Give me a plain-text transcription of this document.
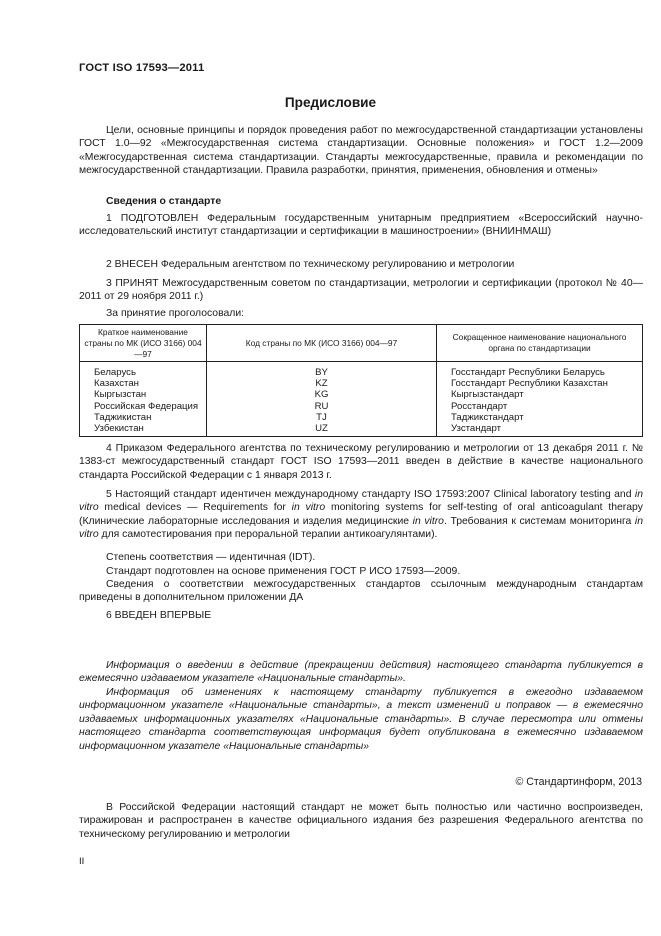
ГОСТ ISO 17593—2011
Предисловие
Цели, основные принципы и порядок проведения работ по межгосударственной стандартизации установлены ГОСТ 1.0—92 «Межгосударственная система стандартизации. Основные положения» и ГОСТ 1.2—2009 «Межгосударственная система стандартизации. Стандарты межгосударственные, правила и рекомендации по межгосударственной стандартизации. Правила разработки, принятия, применения, обновления и отмены»
Сведения о стандарте
1 ПОДГОТОВЛЕН Федеральным государственным унитарным предприятием «Всероссийский научно-исследовательский институт стандартизации и сертификации в машиностроении» (ВНИИНМАШ)
2 ВНЕСЕН Федеральным агентством по техническому регулированию и метрологии
3 ПРИНЯТ Межгосударственным советом по стандартизации, метрологии и сертификации (протокол № 40—2011 от 29 ноября 2011 г.)
За принятие проголосовали:
Краткое наименование страны по МК (ИСО 3166) 004—97	Код страны по МК (ИСО 3166) 004—97	Сокращенное наименование национального органа по стандартизации
Беларусь	BY	Госстандарт Республики Беларусь
Казахстан	KZ	Госстандарт Республики Казахстан
Кыргызстан	KG	Кыргызстандарт
Российская Федерация	RU	Росстандарт
Таджикистан	TJ	Таджикстандарт
Узбекистан	UZ	Узстандарт
4 Приказом Федерального агентства по техническому регулированию и метрологии от 13 декабря 2011 г. № 1383-ст межгосударственный стандарт ГОСТ ISO 17593—2011 введен в действие в качестве национального стандарта Российской Федерации с 1 января 2013 г.
5 Настоящий стандарт идентичен международному стандарту ISO 17593:2007 Clinical laboratory testing and in vitro medical devices — Requirements for in vitro monitoring systems for self-testing of oral anticoagulant therapy (Клинические лабораторные исследования и изделия медицинские in vitro. Требования к системам мониторинга in vitro для самотестирования при пероральной терапии антикоагулянтами).
Степень соответствия — идентичная (IDT).
Стандарт подготовлен на основе применения ГОСТ Р ИСО 17593—2009.
Сведения о соответствии межгосударственных стандартов ссылочным международным стандартам приведены в дополнительном приложении ДА
6 ВВЕДЕН ВПЕРВЫЕ
Информация о введении в действие (прекращении действия) настоящего стандарта публикуется в ежемесячно издаваемом указателе «Национальные стандарты».
Информация об изменениях к настоящему стандарту публикуется в ежегодно издаваемом информационном указателе «Национальные стандарты», а текст изменений и поправок — в ежемесячно издаваемых информационных указателях «Национальные стандарты». В случае пересмотра или отмены настоящего стандарта соответствующая информация будет опубликована в ежемесячно издаваемом информационном указателе «Национальные стандарты»
© Стандартинформ, 2013
В Российской Федерации настоящий стандарт не может быть полностью или частично воспроизведен, тиражирован и распространен в качестве официального издания без разрешения Федерального агентства по техническому регулированию и метрологии
II
